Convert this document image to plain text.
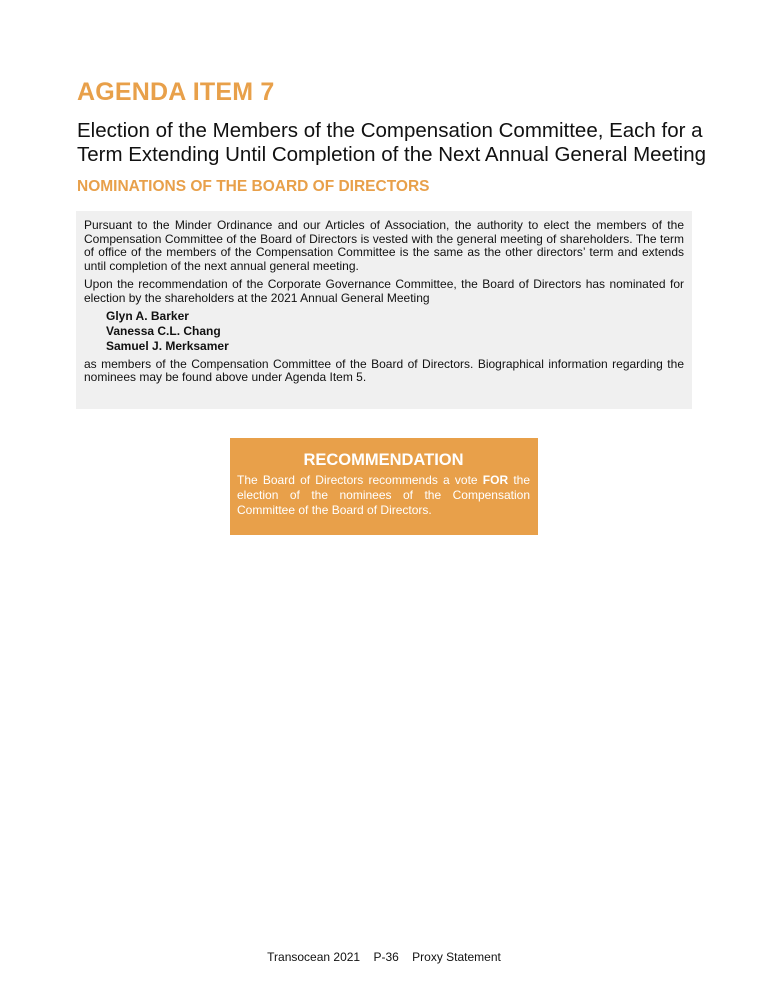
AGENDA ITEM 7
Election of the Members of the Compensation Committee, Each for a Term Extending Until Completion of the Next Annual General Meeting
NOMINATIONS OF THE BOARD OF DIRECTORS

Pursuant to the Minder Ordinance and our Articles of Association, the authority to elect the members of the Compensation Committee of the Board of Directors is vested with the general meeting of shareholders. The term of office of the members of the Compensation Committee is the same as the other directors’ term and extends until completion of the next annual general meeting.

Upon the recommendation of the Corporate Governance Committee, the Board of Directors has nominated for election by the shareholders at the 2021 Annual General Meeting

Glyn A. Barker
Vanessa C.L. Chang
Samuel J. Merksamer

as members of the Compensation Committee of the Board of Directors. Biographical information regarding the nominees may be found above under Agenda Item 5.

RECOMMENDATION

The Board of Directors recommends a vote FOR the election of the nominees of the Compensation Committee of the Board of Directors.

Transocean 2021 P-36 Proxy Statement
